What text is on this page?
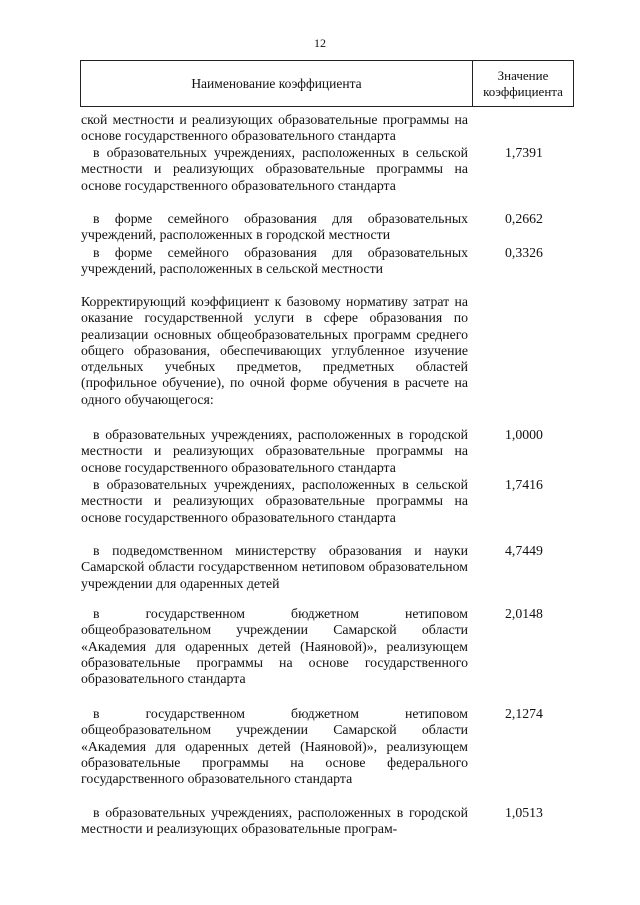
12
Наименование коэффициента
Значение
коэффициента
ской местности и реализующих образовательные программы на основе государственного образовательного стандарта
в образовательных учреждениях, расположенных в сельской местности и реализующих образовательные программы на основе государственного образовательного стандарта
1,7391
в форме семейного образования для образовательных учреждений, расположенных в городской местности
0,2662
в форме семейного образования для образовательных учреждений, расположенных в сельской местности
0,3326
Корректирующий коэффициент к базовому нормативу затрат на оказание государственной услуги в сфере образования по реализации основных общеобразовательных программ среднего общего образования, обеспечивающих углубленное изучение отдельных учебных предметов, предметных областей (профильное обучение), по очной форме обучения в расчете на одного обучающегося:
в образовательных учреждениях, расположенных в городской местности и реализующих образовательные программы на основе государственного образовательного стандарта
1,0000
в образовательных учреждениях, расположенных в сельской местности и реализующих образовательные программы на основе государственного образовательного стандарта
1,7416
в подведомственном министерству образования и науки Самарской области государственном нетиповом образовательном учреждении для одаренных детей
4,7449
в государственном бюджетном нетиповом общеобразовательном учреждении Самарской области «Академия для одаренных детей (Наяновой)», реализующем образовательные программы на основе государственного образовательного стандарта
2,0148
в государственном бюджетном нетиповом общеобразовательном учреждении Самарской области «Академия для одаренных детей (Наяновой)», реализующем образовательные программы на основе федерального государственного образовательного стандарта
2,1274
в образовательных учреждениях, расположенных в городской местности и реализующих образовательные програм-
1,0513
